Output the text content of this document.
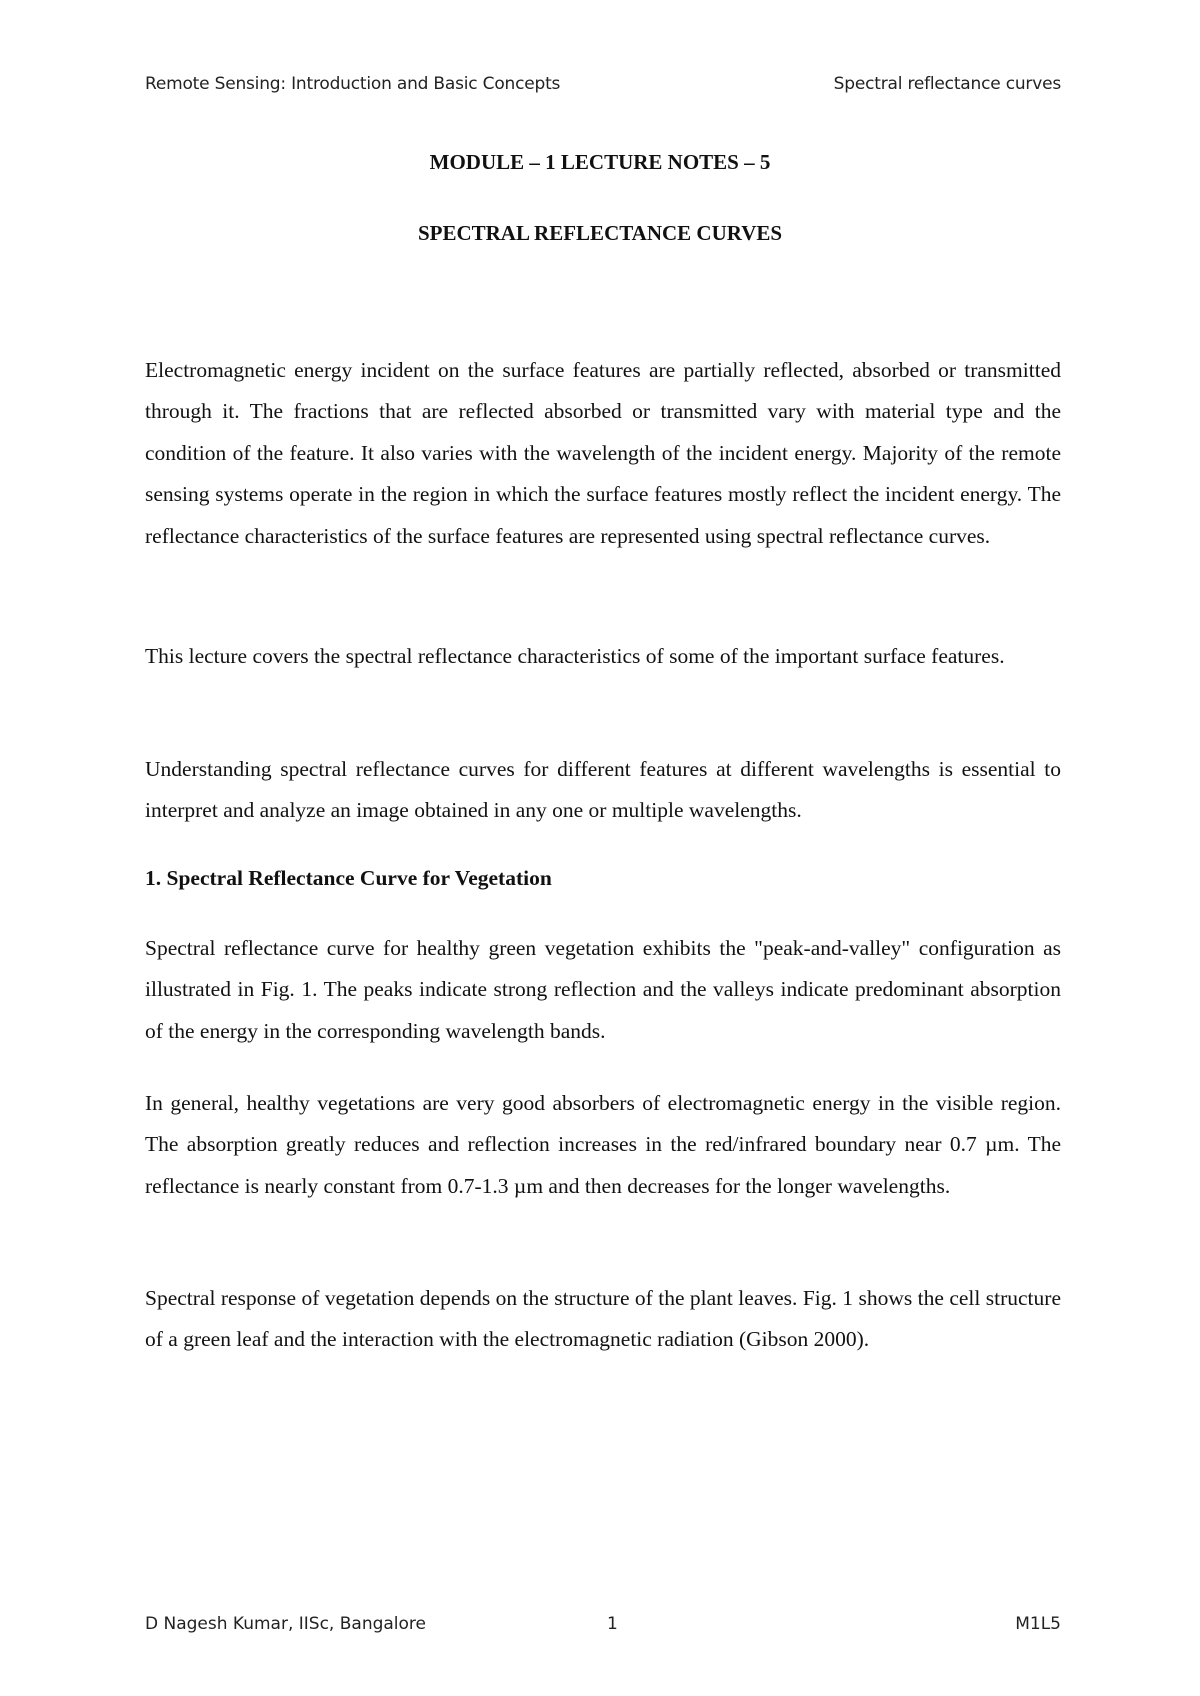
Remote Sensing: Introduction and Basic Concepts	Spectral reflectance curves
MODULE – 1 LECTURE NOTES – 5
SPECTRAL REFLECTANCE CURVES

Electromagnetic energy incident on the surface features are partially reflected, absorbed or transmitted through it. The fractions that are reflected absorbed or transmitted vary with material type and the condition of the feature. It also varies with the wavelength of the incident energy. Majority of the remote sensing systems operate in the region in which the surface features mostly reflect the incident energy. The reflectance characteristics of the surface features are represented using spectral reflectance curves.

This lecture covers the spectral reflectance characteristics of some of the important surface features.

Understanding spectral reflectance curves for different features at different wavelengths is essential to interpret and analyze an image obtained in any one or multiple wavelengths.

1. Spectral Reflectance Curve for Vegetation

Spectral reflectance curve for healthy green vegetation exhibits the "peak-and-valley" configuration as illustrated in Fig. 1. The peaks indicate strong reflection and the valleys indicate predominant absorption of the energy in the corresponding wavelength bands.

In general, healthy vegetations are very good absorbers of electromagnetic energy in the visible region. The absorption greatly reduces and reflection increases in the red/infrared boundary near 0.7 µm. The reflectance is nearly constant from 0.7-1.3 µm and then decreases for the longer wavelengths.

Spectral response of vegetation depends on the structure of the plant leaves. Fig. 1 shows the cell structure of a green leaf and the interaction with the electromagnetic radiation (Gibson 2000).

D Nagesh Kumar, IISc, Bangalore	1	M1L5
